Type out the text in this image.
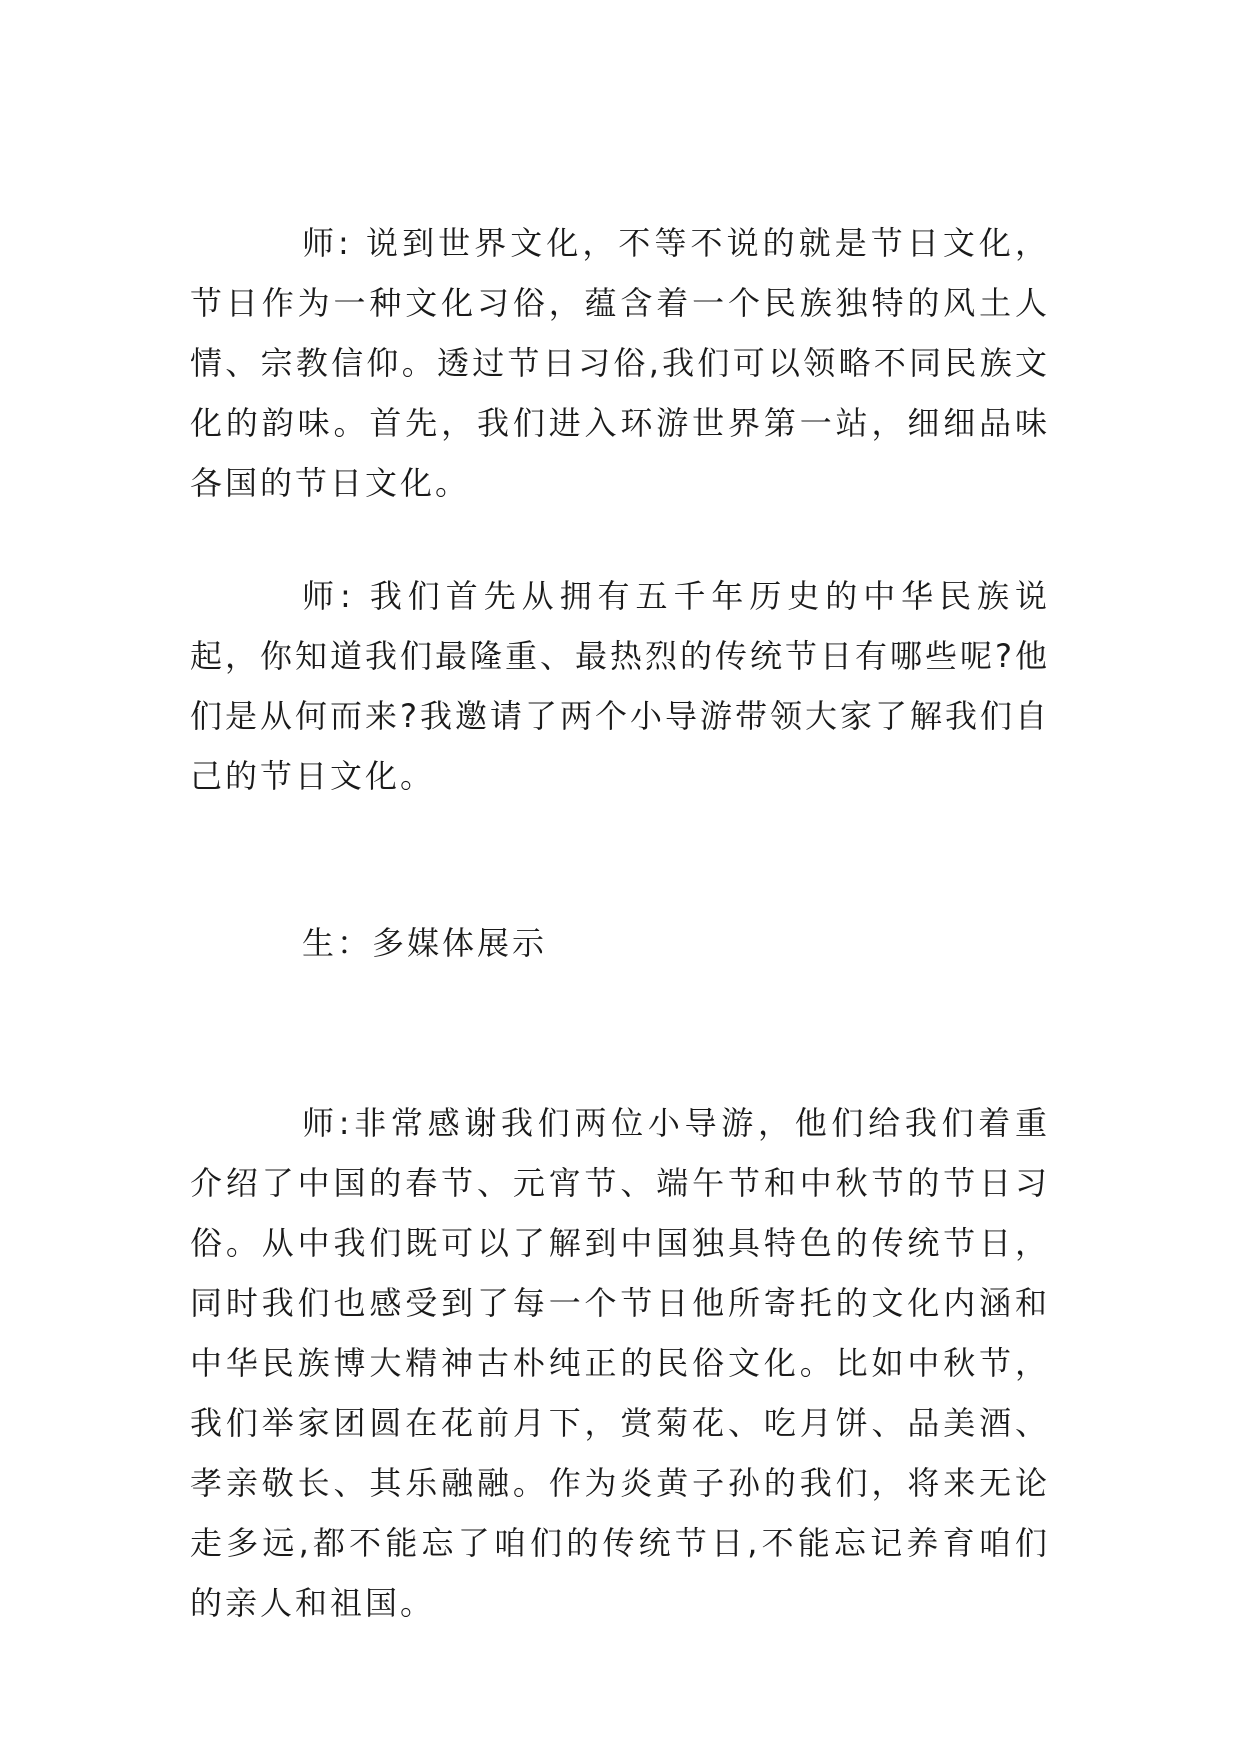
师: 说到世界文化，不等不说的就是节日文化，节日作为一种文化习俗，蕴含着一个民族独特的风土人情、宗教信仰。透过节日习俗,我们可以领略不同民族文化的韵味。首先，我们进入环游世界第一站，细细品味各国的节日文化。

师: 我们首先从拥有五千年历史的中华民族说起，你知道我们最隆重、最热烈的传统节日有哪些呢?他们是从何而来?我邀请了两个小导游带领大家了解我们自己的节日文化。

生：多媒体展示

师:非常感谢我们两位小导游，他们给我们着重介绍了中国的春节、元宵节、端午节和中秋节的节日习俗。从中我们既可以了解到中国独具特色的传统节日，同时我们也感受到了每一个节日他所寄托的文化内涵和中华民族博大精神古朴纯正的民俗文化。比如中秋节，我们举家团圆在花前月下，赏菊花、吃月饼、品美酒、孝亲敬长、其乐融融。作为炎黄子孙的我们，将来无论走多远,都不能忘了咱们的传统节日,不能忘记养育咱们的亲人和祖国。
